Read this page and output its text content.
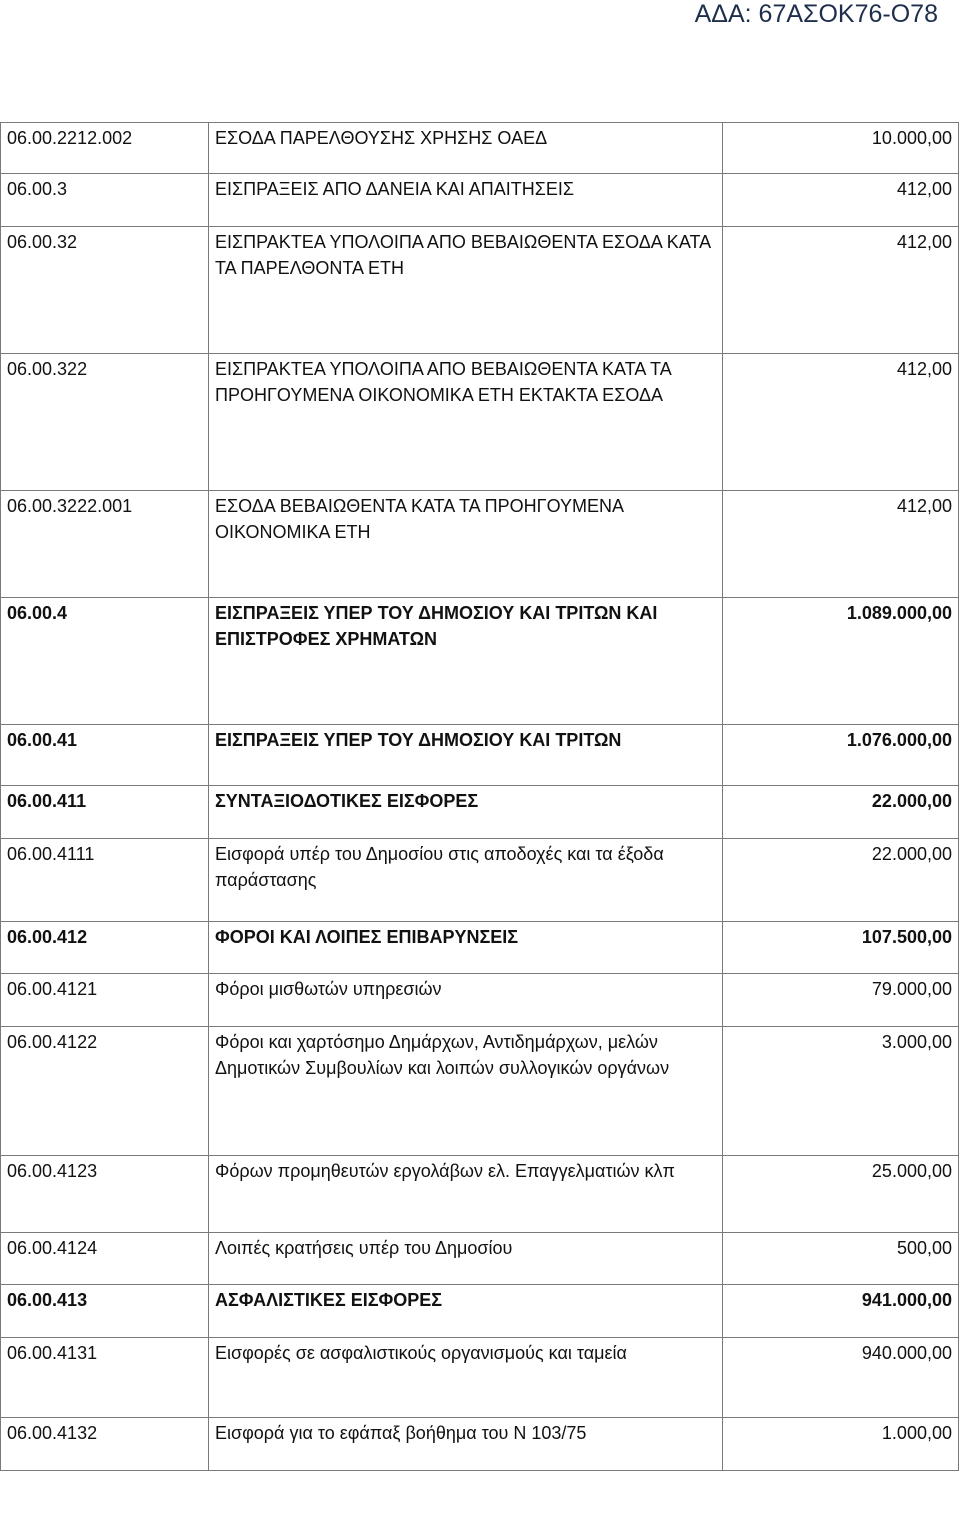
ΑΔΑ: 67ΑΣΟΚ76-Ο78
06.00.2212.002	ΕΣΟΔΑ ΠΑΡΕΛΘΟΥΣΗΣ ΧΡΗΣΗΣ ΟΑΕΔ	10.000,00
06.00.3	ΕΙΣΠΡΑΞΕΙΣ ΑΠΟ ΔΑΝΕΙΑ ΚΑΙ ΑΠΑΙΤΗΣΕΙΣ	412,00
06.00.32	ΕΙΣΠΡΑΚΤΕΑ ΥΠΟΛΟΙΠΑ ΑΠΟ ΒΕΒΑΙΩΘΕΝΤΑ ΕΣΟΔΑ ΚΑΤΑ ΤΑ ΠΑΡΕΛΘΟΝΤΑ ΕΤΗ	412,00
06.00.322	ΕΙΣΠΡΑΚΤΕΑ ΥΠΟΛΟΙΠΑ ΑΠΟ ΒΕΒΑΙΩΘΕΝΤΑ ΚΑΤΑ ΤΑ ΠΡΟΗΓΟΥΜΕΝΑ ΟΙΚΟΝΟΜΙΚΑ ΕΤΗ ΕΚΤΑΚΤΑ ΕΣΟΔΑ	412,00
06.00.3222.001	ΕΣΟΔΑ ΒΕΒΑΙΩΘΕΝΤΑ ΚΑΤΑ ΤΑ ΠΡΟΗΓΟΥΜΕΝΑ ΟΙΚΟΝΟΜΙΚΑ ΕΤΗ	412,00
06.00.4	ΕΙΣΠΡΑΞΕΙΣ ΥΠΕΡ ΤΟΥ ΔΗΜΟΣΙΟΥ ΚΑΙ ΤΡΙΤΩΝ ΚΑΙ ΕΠΙΣΤΡΟΦΕΣ ΧΡΗΜΑΤΩΝ	1.089.000,00
06.00.41	ΕΙΣΠΡΑΞΕΙΣ ΥΠΕΡ ΤΟΥ ΔΗΜΟΣΙΟΥ ΚΑΙ ΤΡΙΤΩΝ	1.076.000,00
06.00.411	ΣΥΝΤΑΞΙΟΔΟΤΙΚΕΣ ΕΙΣΦΟΡΕΣ	22.000,00
06.00.4111	Εισφορά υπέρ του Δημοσίου στις αποδοχές και τα έξοδα παράστασης	22.000,00
06.00.412	ΦΟΡΟΙ ΚΑΙ ΛΟΙΠΕΣ ΕΠΙΒΑΡΥΝΣΕΙΣ	107.500,00
06.00.4121	Φόροι μισθωτών υπηρεσιών	79.000,00
06.00.4122	Φόροι και χαρτόσημο Δημάρχων, Αντιδημάρχων, μελών Δημοτικών Συμβουλίων και λοιπών συλλογικών οργάνων	3.000,00
06.00.4123	Φόρων προμηθευτών εργολάβων ελ. Επαγγελματιών κλπ	25.000,00
06.00.4124	Λοιπές κρατήσεις υπέρ του Δημοσίου	500,00
06.00.413	ΑΣΦΑΛΙΣΤΙΚΕΣ ΕΙΣΦΟΡΕΣ	941.000,00
06.00.4131	Εισφορές σε ασφαλιστικούς οργανισμούς και ταμεία	940.000,00
06.00.4132	Εισφορά για το εφάπαξ βοήθημα του Ν 103/75	1.000,00
